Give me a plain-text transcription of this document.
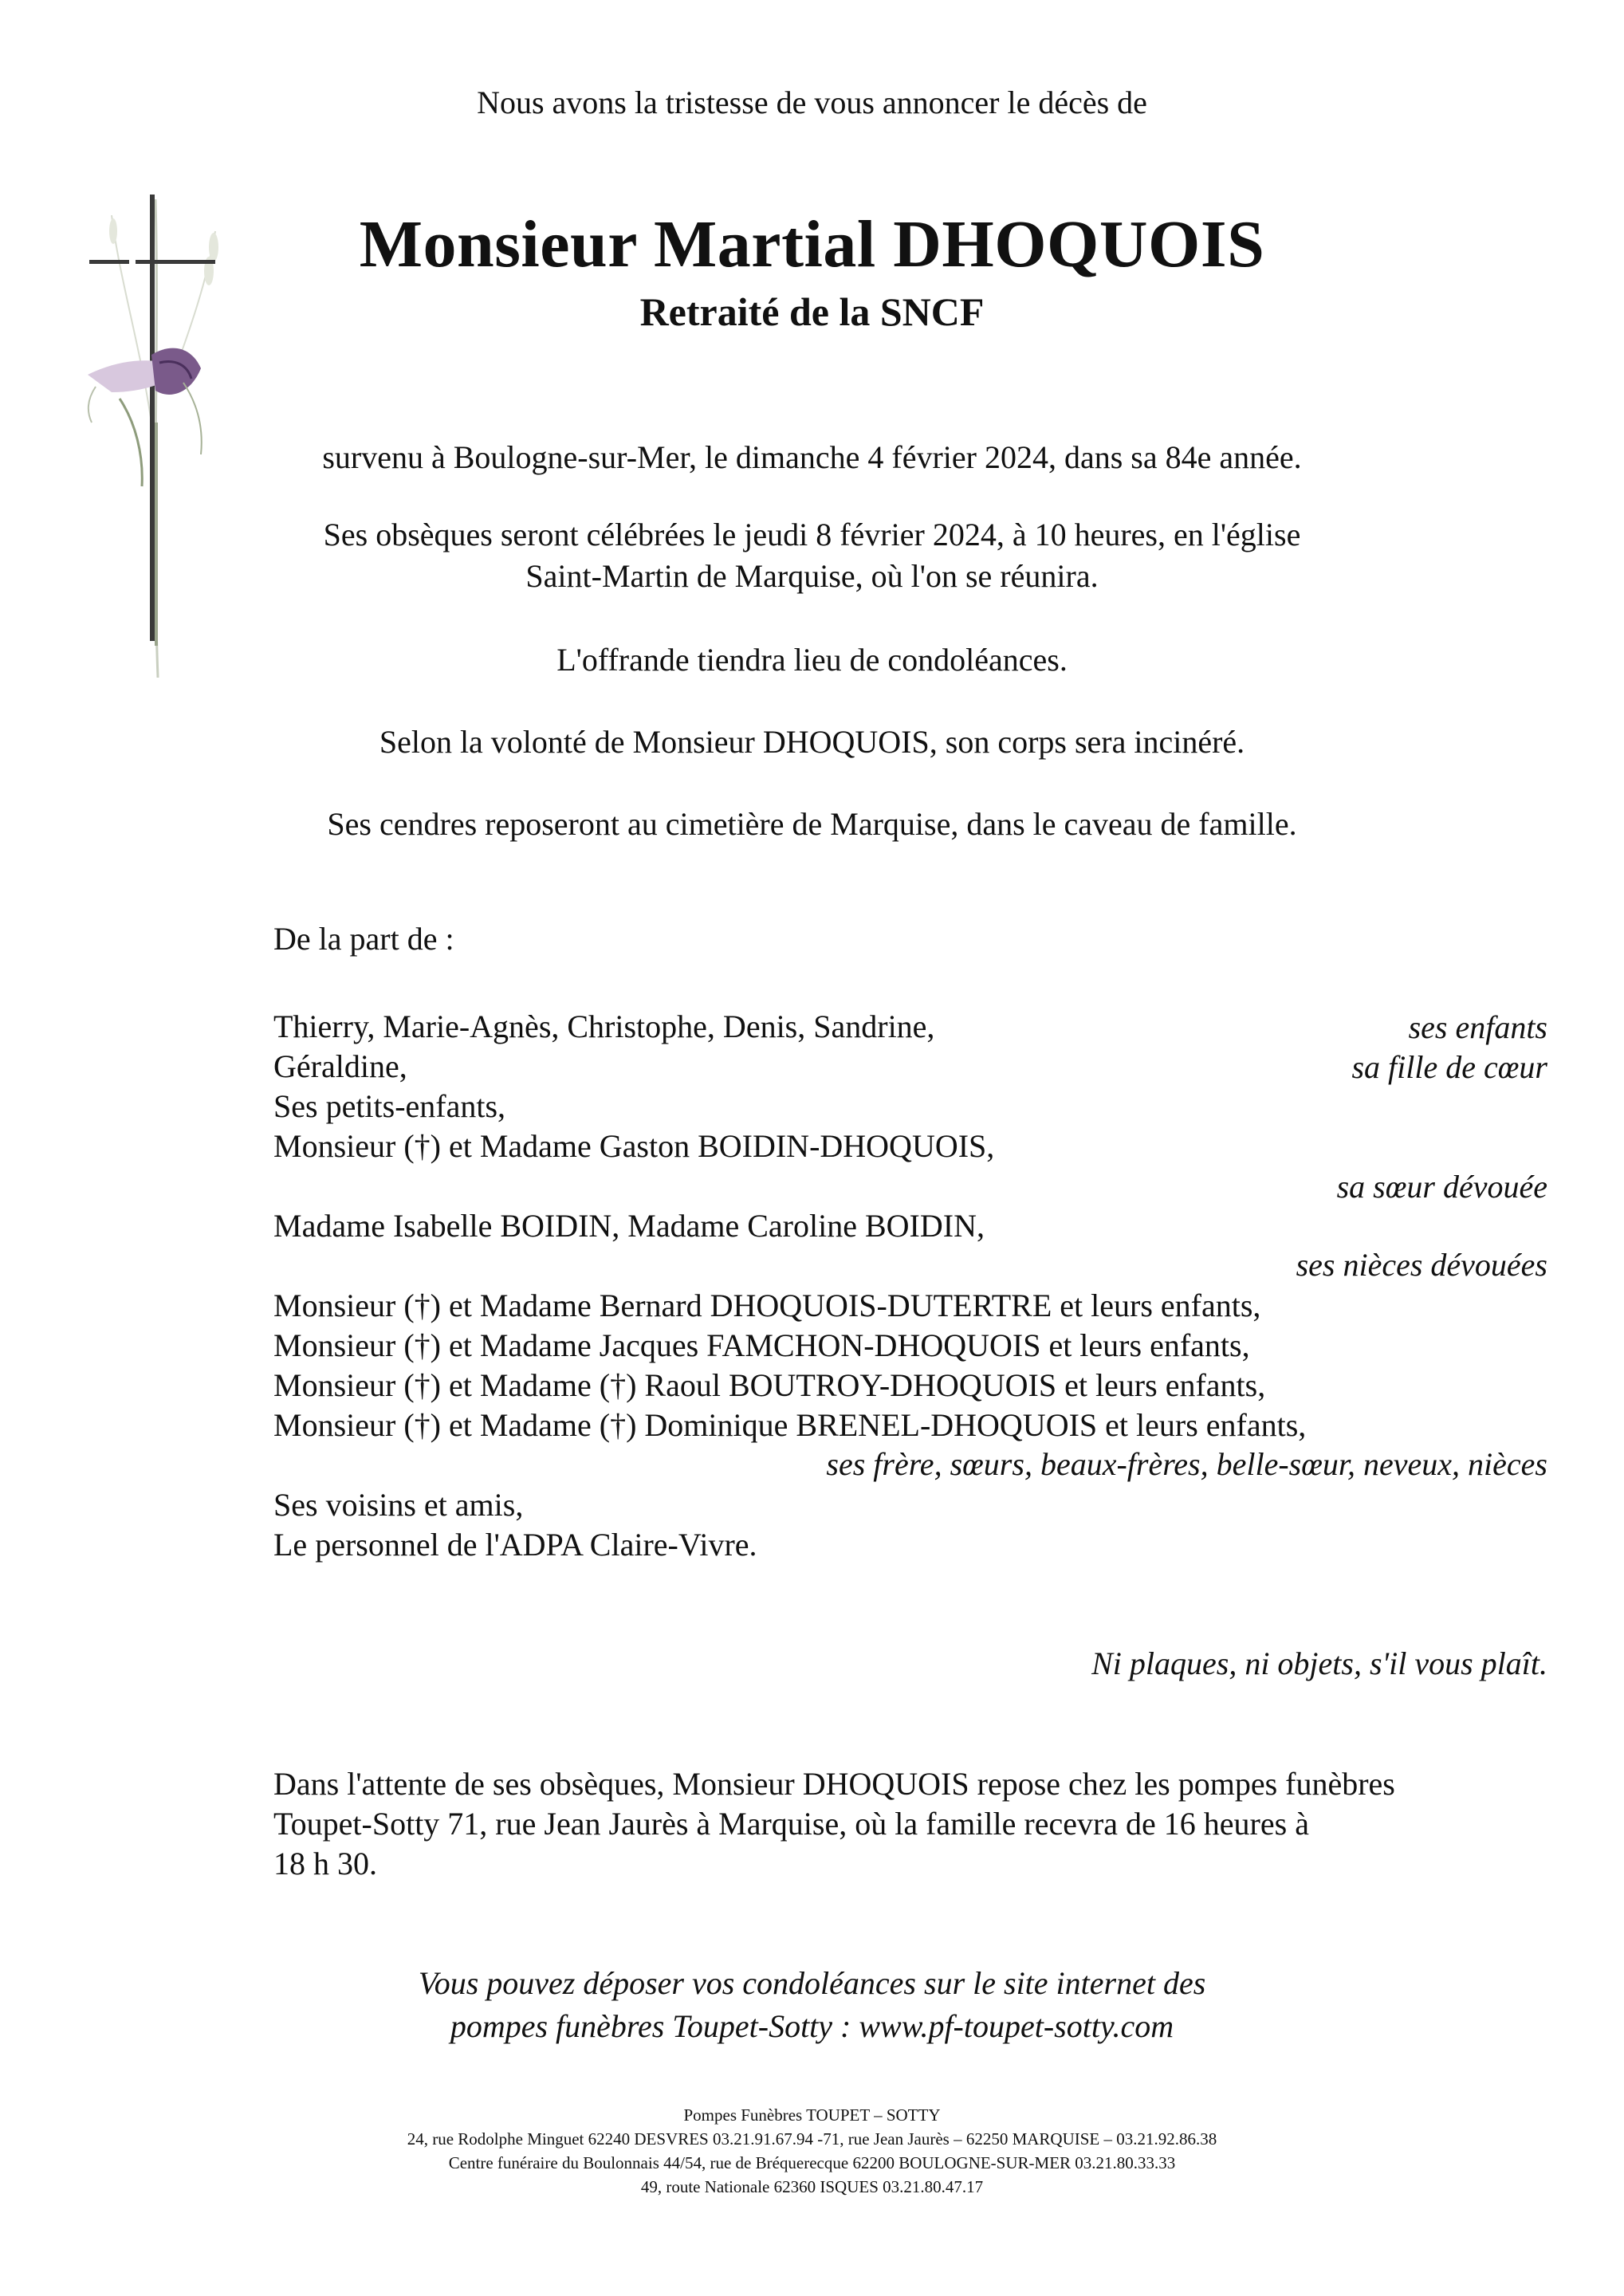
Nous avons la tristesse de vous annoncer le décès de
Monsieur Martial DHOQUOIS
Retraité de la SNCF
survenu à Boulogne-sur-Mer, le dimanche 4 février 2024, dans sa 84e année.
Ses obsèques seront célébrées le jeudi 8 février 2024, à 10 heures, en l'église
Saint-Martin de Marquise, où l'on se réunira.
L'offrande tiendra lieu de condoléances.
Selon la volonté de Monsieur DHOQUOIS, son corps sera incinéré.
Ses cendres reposeront au cimetière de Marquise, dans le caveau de famille.
De la part de :
Thierry, Marie-Agnès, Christophe, Denis, Sandrine,
Géraldine,
Ses petits-enfants,
Monsieur (†) et Madame Gaston BOIDIN-DHOQUOIS,
Madame Isabelle BOIDIN, Madame Caroline BOIDIN,
Monsieur (†) et Madame Bernard DHOQUOIS-DUTERTRE et leurs enfants,
Monsieur (†) et Madame Jacques FAMCHON-DHOQUOIS et leurs enfants,
Monsieur (†) et Madame (†) Raoul BOUTROY-DHOQUOIS et leurs enfants,
Monsieur (†) et Madame (†) Dominique BRENEL-DHOQUOIS et leurs enfants,
Ses voisins et amis,
Le personnel de l'ADPA Claire-Vivre.
ses enfants
sa fille de cœur
sa sœur dévouée
ses nièces dévouées
ses frère, sœurs, beaux-frères, belle-sœur, neveux, nièces
Ni plaques, ni objets, s'il vous plaît.
Dans l'attente de ses obsèques, Monsieur DHOQUOIS repose chez les pompes funèbres
Toupet-Sotty 71, rue Jean Jaurès à Marquise, où la famille recevra de 16 heures à
18 h 30.
Vous pouvez déposer vos condoléances sur le site internet des
pompes funèbres Toupet-Sotty : www.pf-toupet-sotty.com
Pompes Funèbres TOUPET – SOTTY
24, rue Rodolphe Minguet 62240 DESVRES 03.21.91.67.94 -71, rue Jean Jaurès – 62250 MARQUISE – 03.21.92.86.38
Centre funéraire du Boulonnais 44/54, rue de Bréquerecque 62200 BOULOGNE-SUR-MER 03.21.80.33.33
49, route Nationale 62360 ISQUES 03.21.80.47.17
